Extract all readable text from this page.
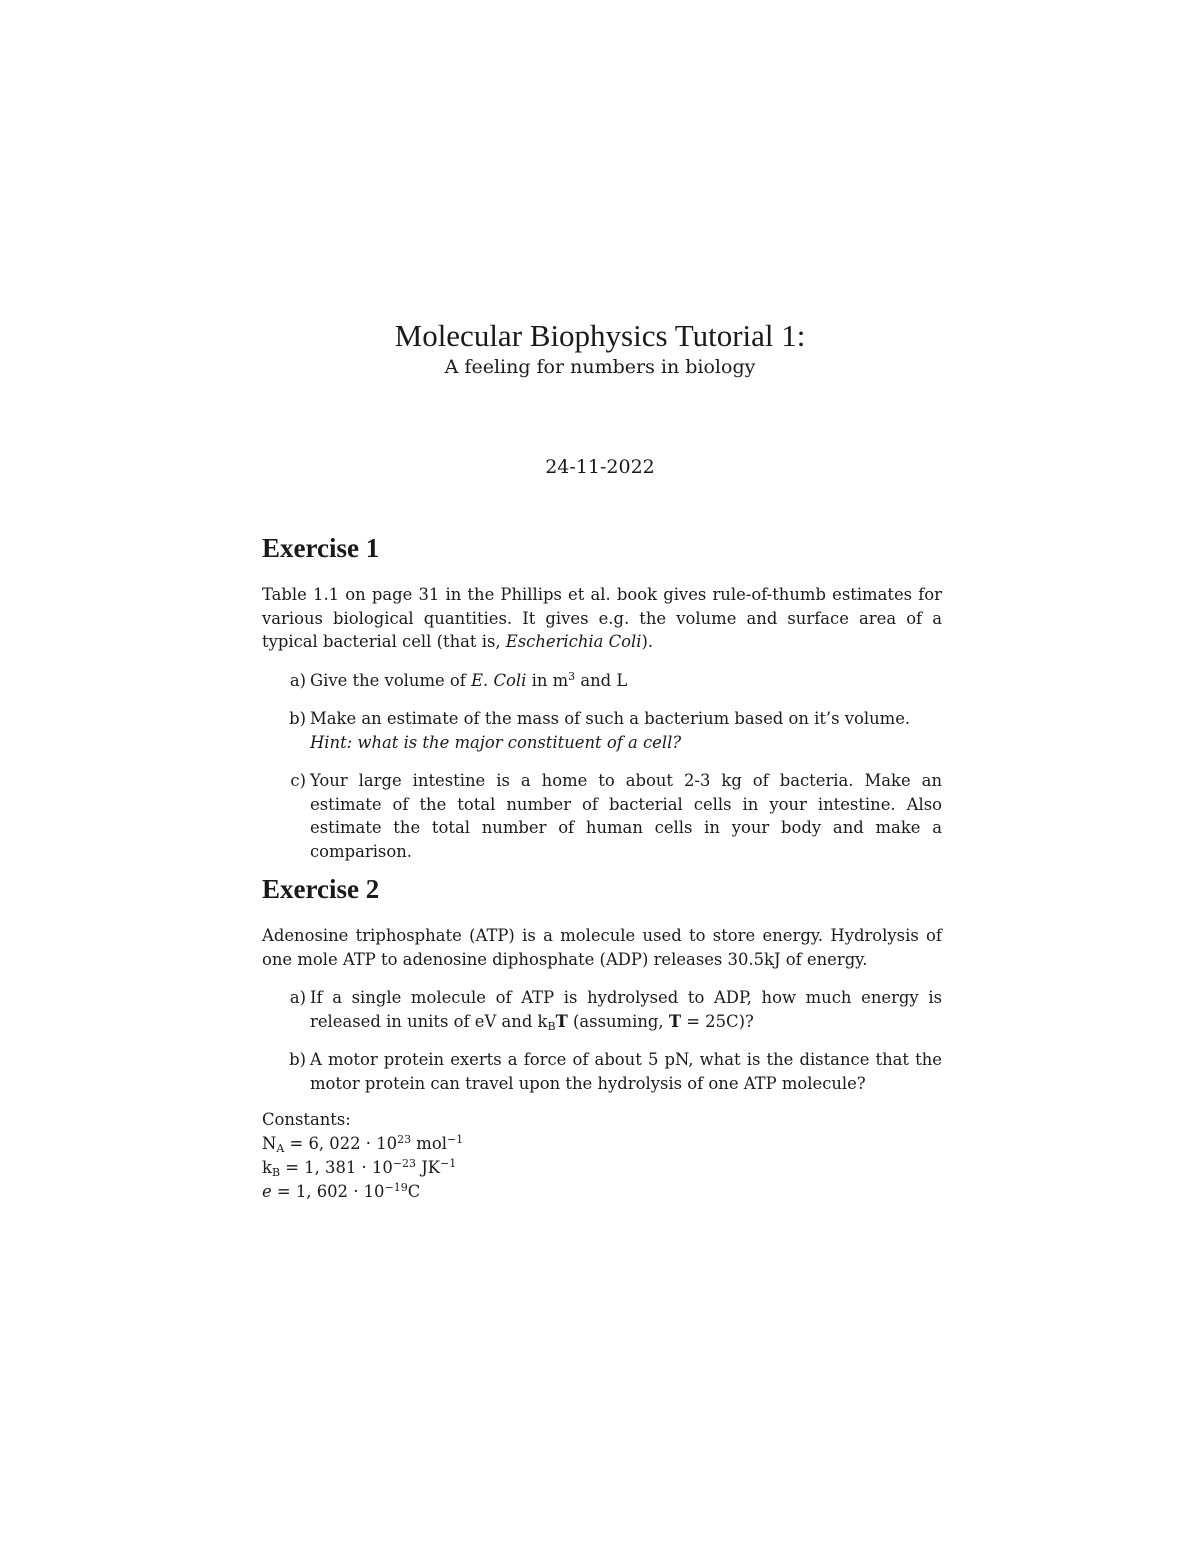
Molecular Biophysics Tutorial 1:
A feeling for numbers in biology
24-11-2022
Exercise 1

Table 1.1 on page 31 in the Phillips et al. book gives rule-of-thumb estimates for various biological quantities. It gives e.g. the volume and surface area of a typical bacterial cell (that is, Escherichia Coli).

a) Give the volume of E. Coli in $m^3$ and L
b) Make an estimate of the mass of such a bacterium based on it’s volume.
Hint: what is the major constituent of a cell?
c) Your large intestine is a home to about 2-3 kg of bacteria. Make an estimate of the total number of bacterial cells in your intestine. Also estimate the total number of human cells in your body and make a comparison.
Exercise 2

Adenosine triphosphate (ATP) is a molecule used to store energy. Hydrolysis of one mole ATP to adenosine diphosphate (ADP) releases 30.5kJ of energy.

a) If a single molecule of ATP is hydrolysed to ADP, how much energy is released in units of eV and $k_BT$ (assuming, T = 25C)?
b) A motor protein exerts a force of about 5 pN, what is the distance that the motor protein can travel upon the hydrolysis of one ATP molecule?
Constants:
$N_A = 6$, $022 \cdot 10^{23}$ mol$^{-1}$
$k_B = 1$, $381 \cdot 10^{-23}$ $JK^{-1}$
e = 1, $602 \cdot 10^{-19}C$
